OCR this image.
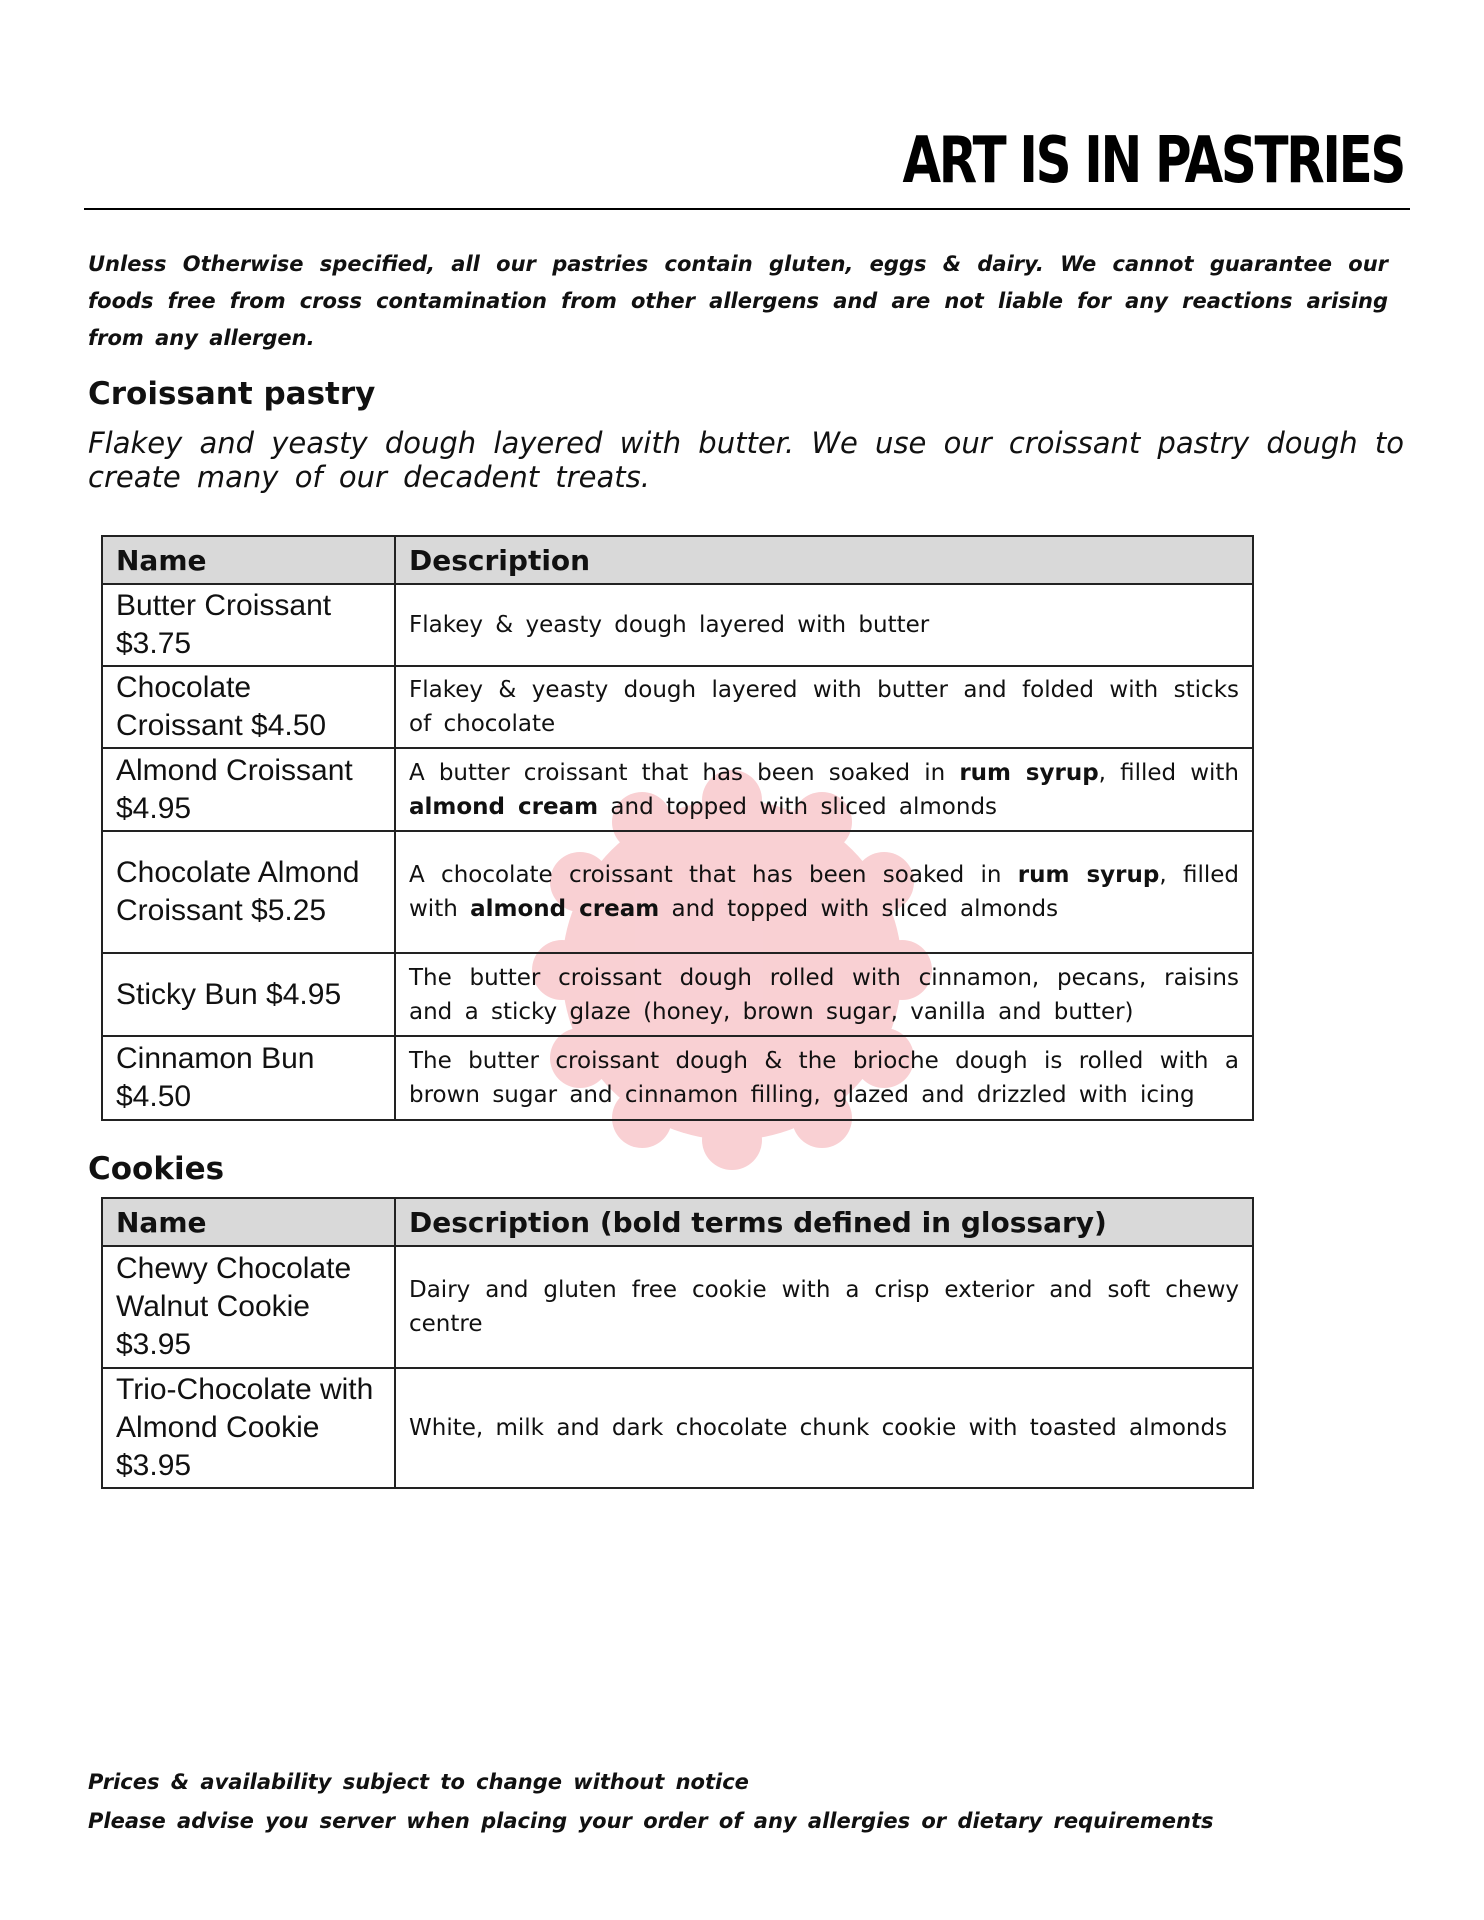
ART IS IN PASTRIES
Unless Otherwise specified, all our pastries contain gluten, eggs & dairy. We cannot guarantee our foods free from cross contamination from other allergens and are not liable for any reactions arising from any allergen.
Croissant pastry
Flakey and yeasty dough layered with butter. We use our croissant pastry dough to create many of our decadent treats.
Name	Description
Butter Croissant $3.75	Flakey & yeasty dough layered with butter
Chocolate Croissant $4.50	Flakey & yeasty dough layered with butter and folded with sticks of chocolate
Almond Croissant $4.95	A butter croissant that has been soaked in rum syrup, filled with almond cream and topped with sliced almonds
Chocolate Almond Croissant $5.25	A chocolate croissant that has been soaked in rum syrup, filled with almond cream and topped with sliced almonds
Sticky Bun $4.95	The butter croissant dough rolled with cinnamon, pecans, raisins and a sticky glaze (honey, brown sugar, vanilla and butter)
Cinnamon Bun $4.50	The butter croissant dough & the brioche dough is rolled with a brown sugar and cinnamon filling, glazed and drizzled with icing
Cookies
Name	Description (bold terms defined in glossary)
Chewy Chocolate Walnut Cookie $3.95	Dairy and gluten free cookie with a crisp exterior and soft chewy centre
Trio-Chocolate with Almond Cookie $3.95	White, milk and dark chocolate chunk cookie with toasted almonds
Prices & availability subject to change without notice
Please advise you server when placing your order of any allergies or dietary requirements
